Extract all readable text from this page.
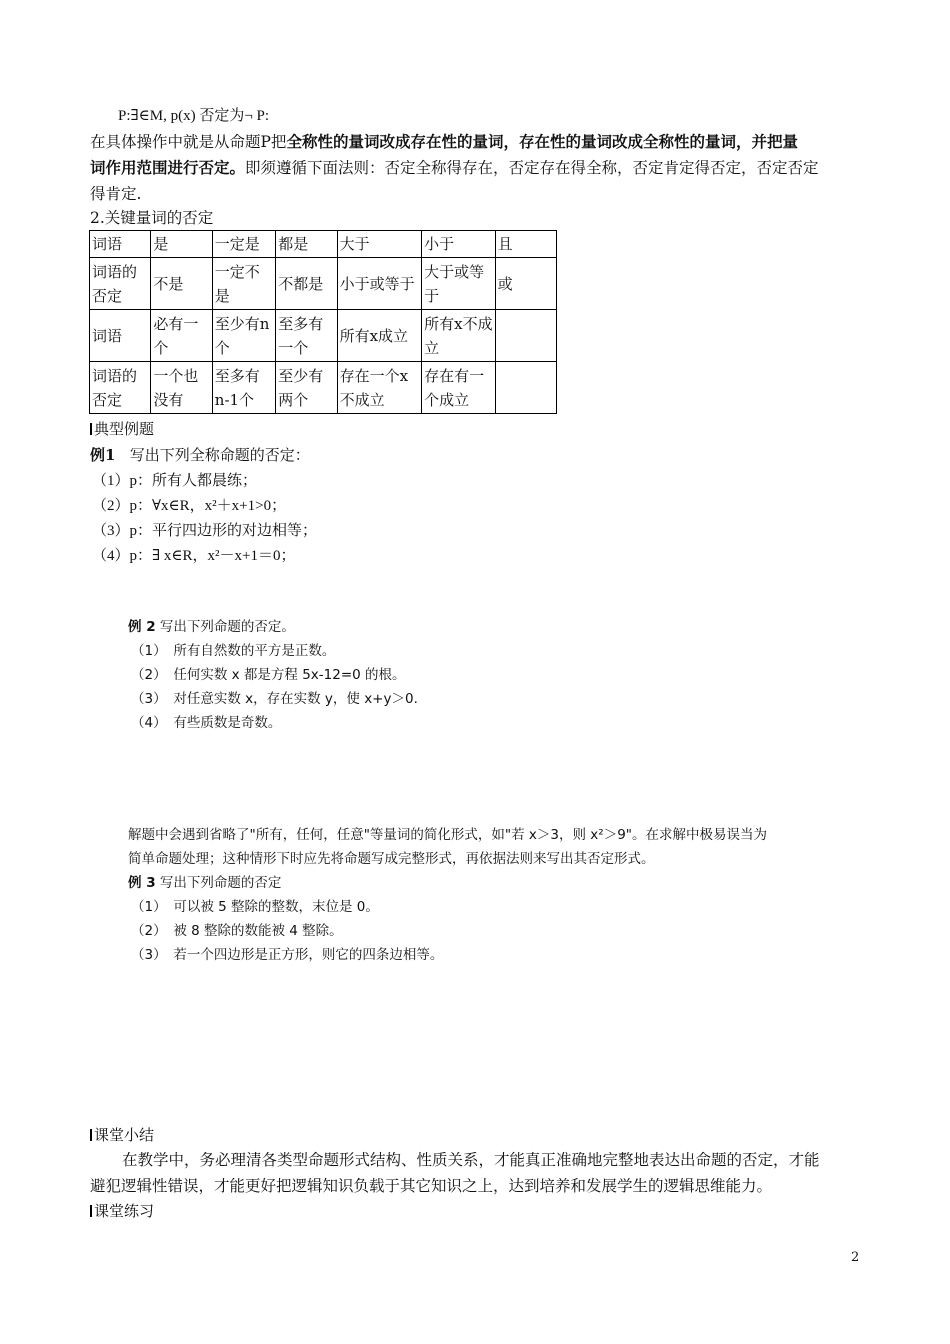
P:∃∈M, p(x) 否定为¬ P:
在具体操作中就是从命题P把全称性的量词改成存在性的量词，存在性的量词改成全称性的量词，并把量
词作用范围进行否定。即须遵循下面法则：否定全称得存在，否定存在得全称，否定肯定得否定，否定否定
得肯定.
2.关键量词的否定
词语	是	一定是	都是	大于	小于	且
词语的否定	不是	一定不是	不都是	小于或等于	大于或等于	或
词语	必有一个	至少有n个	至多有一个	所有x成立	所有x不成立	
词语的否定	一个也没有	至多有n-1个	至少有两个	存在一个x不成立	存在有一个成立	
典型例题
例1 写出下列全称命题的否定：
（1）p：所有人都晨练；
（2）p：∀x∈R，x²＋x+1>0；
（3）p：平行四边形的对边相等；
（4）p：∃ x∈R，x²－x+1＝0；
例 2 写出下列命题的否定。
（1）　所有自然数的平方是正数。
（2）　任何实数 x 都是方程 5x-12=0 的根。
（3）　对任意实数 x，存在实数 y，使 x+y＞0.
（4）　有些质数是奇数。
解题中会遇到省略了"所有，任何，任意"等量词的简化形式，如"若 x＞3，则 x²＞9"。在求解中极易误当为
简单命题处理；这种情形下时应先将命题写成完整形式，再依据法则来写出其否定形式。
例 3 写出下列命题的否定
（1）　可以被 5 整除的整数，末位是 0。
（2）　被 8 整除的数能被 4 整除。
（3）　若一个四边形是正方形，则它的四条边相等。
课堂小结
在教学中，务必理清各类型命题形式结构、性质关系，才能真正准确地完整地表达出命题的否定，才能
避犯逻辑性错误，才能更好把逻辑知识负载于其它知识之上，达到培养和发展学生的逻辑思维能力。
课堂练习
2
